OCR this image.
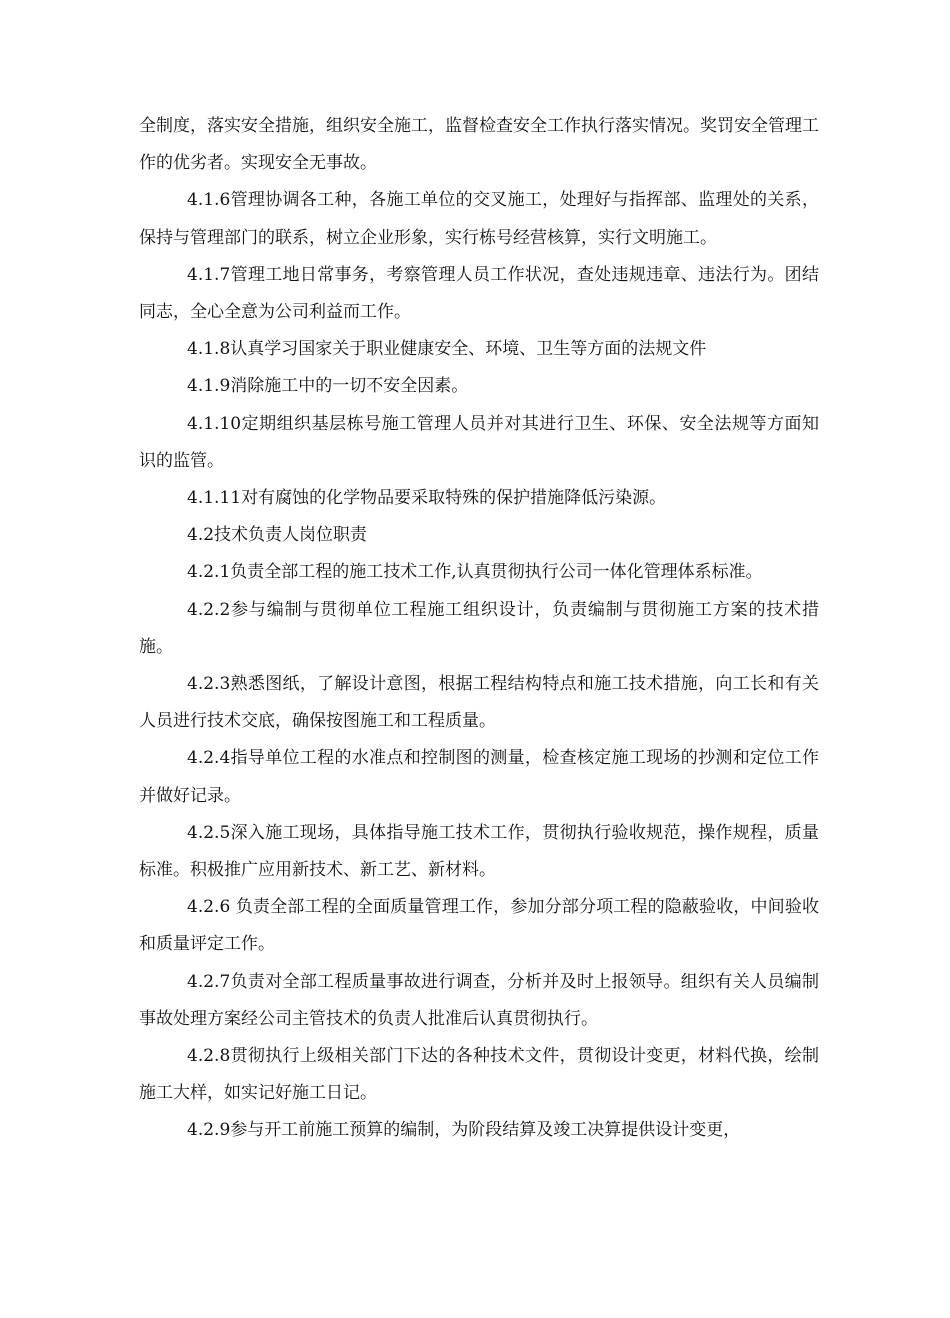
全制度，落实安全措施，组织安全施工，监督检查安全工作执行落实情况。奖罚安全管理工作的优劣者。实现安全无事故。

4.1.6管理协调各工种，各施工单位的交叉施工，处理好与指挥部、监理处的关系，保持与管理部门的联系，树立企业形象，实行栋号经营核算，实行文明施工。

4.1.7管理工地日常事务，考察管理人员工作状况，查处违规违章、违法行为。团结同志，全心全意为公司利益而工作。

4.1.8认真学习国家关于职业健康安全、环境、卫生等方面的法规文件

4.1.9消除施工中的一切不安全因素。

4.1.10定期组织基层栋号施工管理人员并对其进行卫生、环保、安全法规等方面知识的监管。

4.1.11对有腐蚀的化学物品要采取特殊的保护措施降低污染源。

4.2技术负责人岗位职责

4.2.1负责全部工程的施工技术工作,认真贯彻执行公司一体化管理体系标准。

4.2.2参与编制与贯彻单位工程施工组织设计，负责编制与贯彻施工方案的技术措施。

4.2.3熟悉图纸，了解设计意图，根据工程结构特点和施工技术措施，向工长和有关人员进行技术交底，确保按图施工和工程质量。

4.2.4指导单位工程的水准点和控制图的测量，检查核定施工现场的抄测和定位工作并做好记录。

4.2.5深入施工现场，具体指导施工技术工作，贯彻执行验收规范，操作规程，质量标准。积极推广应用新技术、新工艺、新材料。

4.2.6 负责全部工程的全面质量管理工作，参加分部分项工程的隐蔽验收，中间验收和质量评定工作。

4.2.7负责对全部工程质量事故进行调查，分析并及时上报领导。组织有关人员编制事故处理方案经公司主管技术的负责人批准后认真贯彻执行。

4.2.8贯彻执行上级相关部门下达的各种技术文件，贯彻设计变更，材料代换，绘制施工大样，如实记好施工日记。

4.2.9参与开工前施工预算的编制，为阶段结算及竣工决算提供设计变更，
